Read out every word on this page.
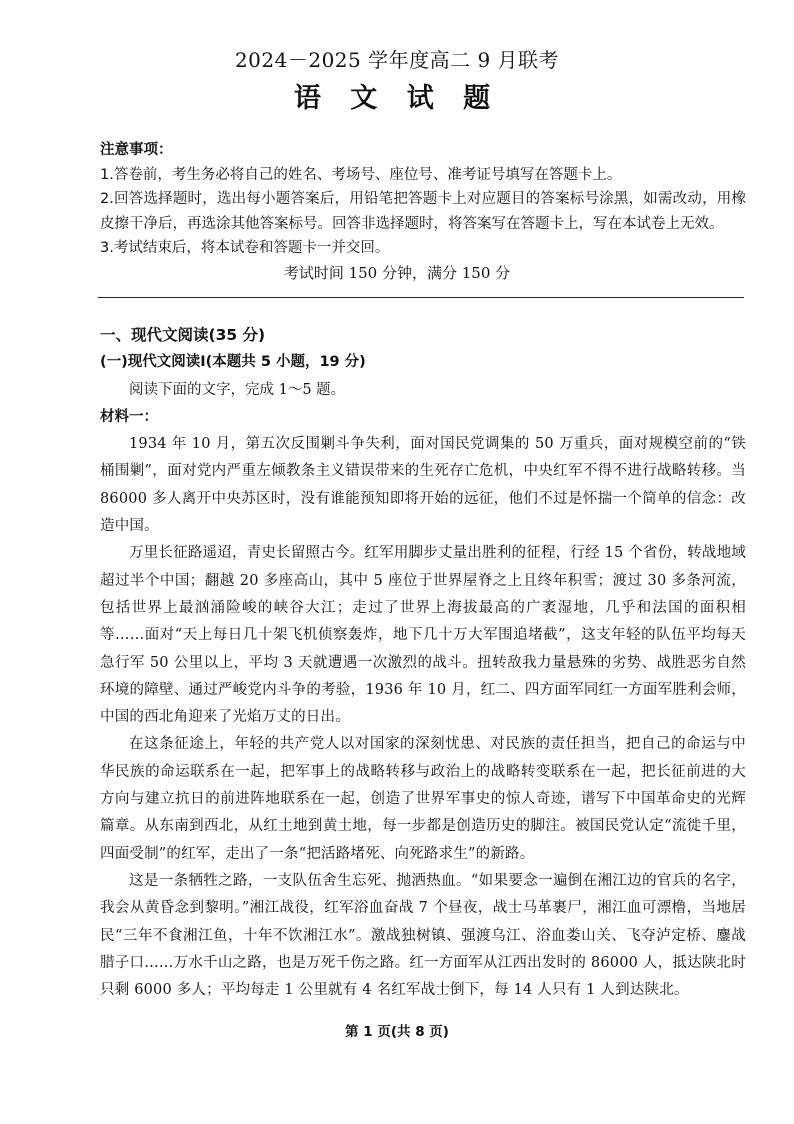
2024－2025 学年度高二 9 月联考
语 文 试 题

注意事项：

1.答卷前，考生务必将自己的姓名、考场号、座位号、准考证号填写在答题卡上。

2.回答选择题时，选出每小题答案后，用铅笔把答题卡上对应题目的答案标号涂黑，如需改动，用橡皮擦干净后，再选涂其他答案标号。回答非选择题时，将答案写在答题卡上，写在本试卷上无效。

3.考试结束后，将本试卷和答题卡一并交回。

考试时间 150 分钟，满分 150 分

一、现代文阅读(35 分)

(一)现代文阅读Ⅰ(本题共 5 小题，19 分)

阅读下面的文字，完成 1～5 题。

材料一：

1934 年 10 月，第五次反围剿斗争失利，面对国民党调集的 50 万重兵，面对规模空前的“铁桶围剿”，面对党内严重左倾教条主义错误带来的生死存亡危机，中央红军不得不进行战略转移。当 86000 多人离开中央苏区时，没有谁能预知即将开始的远征，他们不过是怀揣一个简单的信念：改造中国。

万里长征路遥迢，青史长留照古今。红军用脚步丈量出胜利的征程，行经 15 个省份，转战地域超过半个中国；翻越 20 多座高山，其中 5 座位于世界屋脊之上且终年积雪；渡过 30 多条河流，包括世界上最汹涌险峻的峡谷大江；走过了世界上海拔最高的广袤湿地，几乎和法国的面积相等……面对“天上每日几十架飞机侦察轰炸，地下几十万大军围追堵截”，这支年轻的队伍平均每天急行军 50 公里以上，平均 3 天就遭遇一次激烈的战斗。扭转敌我力量悬殊的劣势、战胜恶劣自然环境的障壁、通过严峻党内斗争的考验，1936 年 10 月，红二、四方面军同红一方面军胜利会师，中国的西北角迎来了光焰万丈的日出。

在这条征途上，年轻的共产党人以对国家的深刻忧患、对民族的责任担当，把自己的命运与中华民族的命运联系在一起，把军事上的战略转移与政治上的战略转变联系在一起，把长征前进的大方向与建立抗日的前进阵地联系在一起，创造了世界军事史的惊人奇迹，谱写下中国革命史的光辉篇章。从东南到西北，从红土地到黄土地，每一步都是创造历史的脚注。被国民党认定“流徙千里，四面受制”的红军，走出了一条“把活路堵死、向死路求生”的新路。

这是一条牺牲之路，一支队伍舍生忘死、抛洒热血。“如果要念一遍倒在湘江边的官兵的名字，我会从黄昏念到黎明。”湘江战役，红军浴血奋战 7 个昼夜，战士马革裹尸，湘江血可漂橹，当地居民“三年不食湘江鱼，十年不饮湘江水”。激战独树镇、强渡乌江、浴血娄山关、飞夺泸定桥、鏖战腊子口……万水千山之路，也是万死千伤之路。红一方面军从江西出发时的 86000 人，抵达陕北时只剩 6000 多人；平均每走 1 公里就有 4 名红军战士倒下，每 14 人只有 1 人到达陕北。

第 1 页(共 8 页)
